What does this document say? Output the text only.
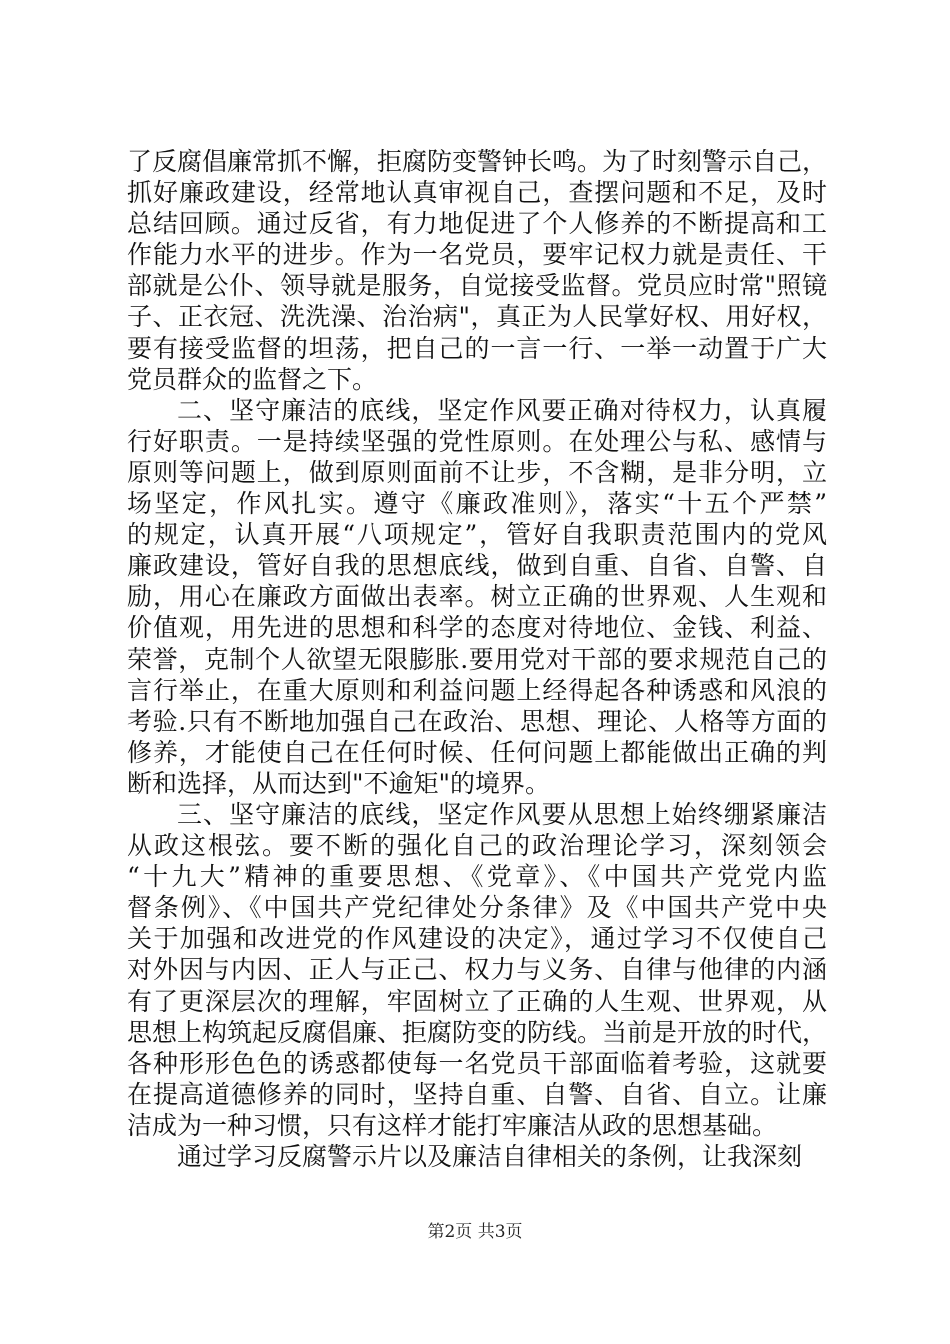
了反腐倡廉常抓不懈，拒腐防变警钟长鸣。为了时刻警示自己，
抓好廉政建设，经常地认真审视自己，查摆问题和不足，及时
总结回顾。通过反省，有力地促进了个人修养的不断提高和工
作能力水平的进步。作为一名党员，要牢记权力就是责任、干
部就是公仆、领导就是服务，自觉接受监督。党员应时常"照镜
子、正衣冠、洗洗澡、治治病"，真正为人民掌好权、用好权，
要有接受监督的坦荡，把自己的一言一行、一举一动置于广大
党员群众的监督之下。
二、坚守廉洁的底线，坚定作风要正确对待权力，认真履
行好职责。一是持续坚强的党性原则。在处理公与私、感情与
原则等问题上，做到原则面前不让步，不含糊，是非分明，立
场坚定，作风扎实。遵守《廉政准则》，落实“十五个严禁”
的规定，认真开展“八项规定”，管好自我职责范围内的党风
廉政建设，管好自我的思想底线，做到自重、自省、自警、自
励，用心在廉政方面做出表率。树立正确的世界观、人生观和
价值观，用先进的思想和科学的态度对待地位、金钱、利益、
荣誉，克制个人欲望无限膨胀.要用党对干部的要求规范自己的
言行举止，在重大原则和利益问题上经得起各种诱惑和风浪的
考验.只有不断地加强自己在政治、思想、理论、人格等方面的
修养，才能使自己在任何时候、任何问题上都能做出正确的判
断和选择，从而达到"不逾矩"的境界。
三、坚守廉洁的底线，坚定作风要从思想上始终绷紧廉洁
从政这根弦。要不断的强化自己的政治理论学习，深刻领会
“十九大”精神的重要思想、《党章》、《中国共产党党内监
督条例》、《中国共产党纪律处分条律》及《中国共产党中央
关于加强和改进党的作风建设的决定》，通过学习不仅使自己
对外因与内因、正人与正己、权力与义务、自律与他律的内涵
有了更深层次的理解，牢固树立了正确的人生观、世界观，从
思想上构筑起反腐倡廉、拒腐防变的防线。当前是开放的时代，
各种形形色色的诱惑都使每一名党员干部面临着考验，这就要
在提高道德修养的同时，坚持自重、自警、自省、自立。让廉
洁成为一种习惯，只有这样才能打牢廉洁从政的思想基础。
通过学习反腐警示片以及廉洁自律相关的条例，让我深刻
第2页 共3页
